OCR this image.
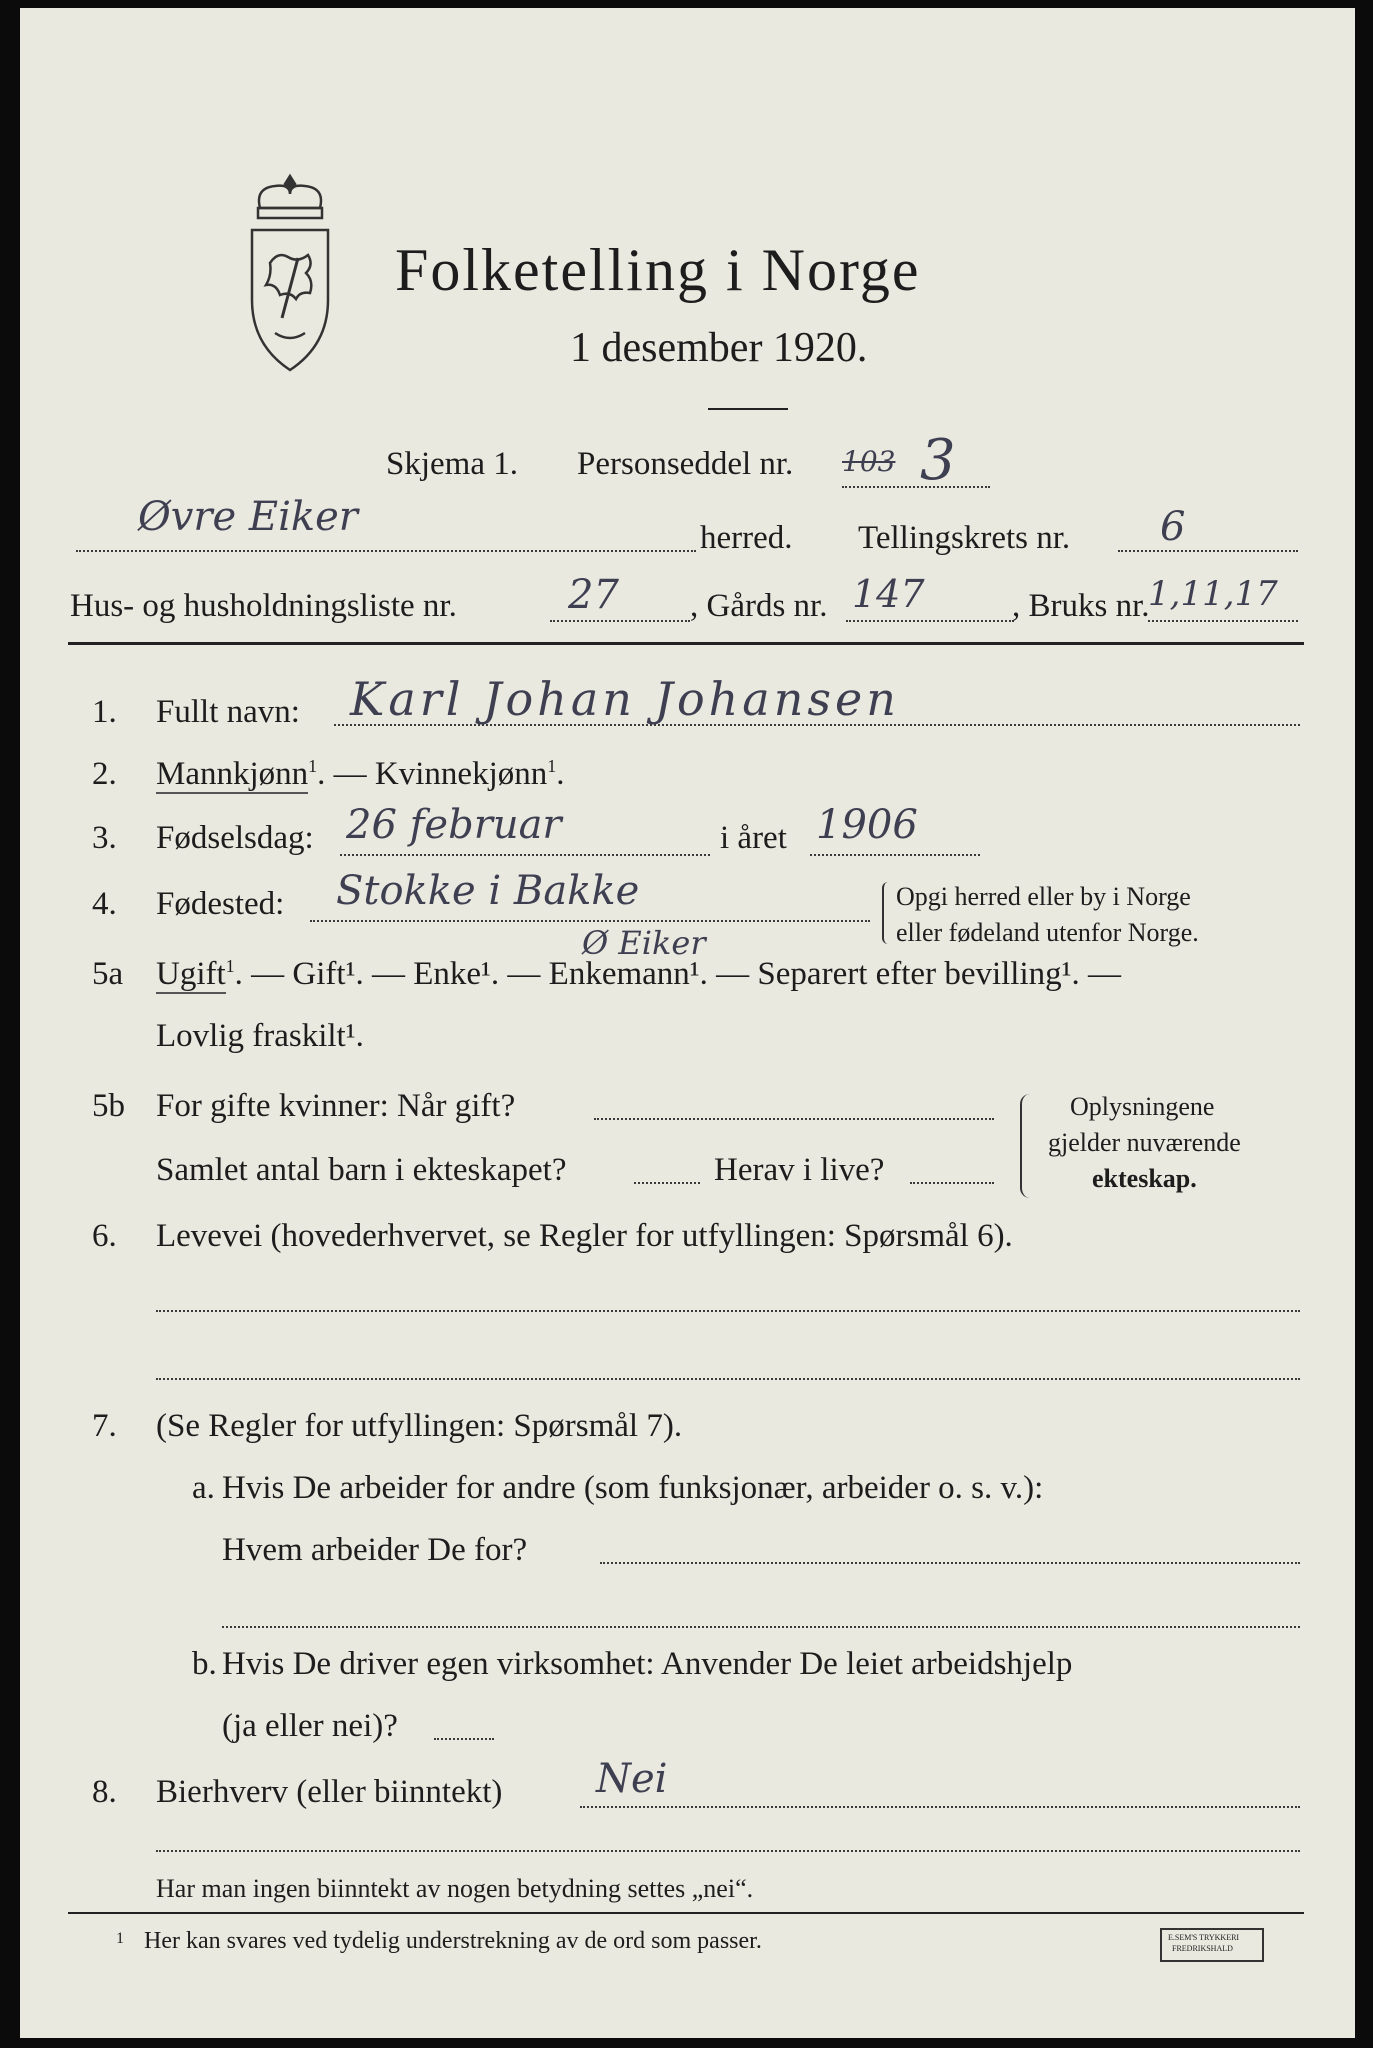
Folketelling i Norge
1 desember 1920.
Skjema 1. Personseddel nr. 103 3
Øvre Eiker	herred. Tellingskrets nr. 6
Hus- og husholdningsliste nr.	27 , Gårds nr. 147	, Bruks nr.
1,11,17
1. Fullt navn: Karl Johan Johansen
2. Mannkjønn$^1$. — Kvinnekjønn$^1$.
3. Fødselsdag: 26 februar	i året 1906
4. Fødested: Stokke i Bakke	Opgi herred eller by i Norge
eller fødeland utenfor Norge.
Ø Eiker
5a Ugift$^1$. — Gift¹. — Enke¹. — Enkemann¹. — Separert efter bevilling¹. —
Lovlig fraskilt¹.
5b For gifte kvinner: Når gift?
Samlet antal barn i ekteskapet?	Herav i live?
Oplysningene
gjelder nuværende
ekteskap.
6. Levevei (hovederhvervet, se Regler for utfyllingen: Spørsmål 6).
7. (Se Regler for utfyllingen: Spørsmål 7).
a. Hvis De arbeider for andre (som funksjonær, arbeider o. s. v.):
Hvem arbeider De for?
b. Hvis De driver egen virksomhet: Anvender De leiet arbeidshjelp
(ja eller nei)?
8. Bierhverv (eller biinntekt) Nei
Har man ingen biinntekt av nogen betydning settes „nei“.
1 Her kan svares ved tydelig understrekning av de ord som passer.	E.SEM'S TRYKKERI
FREDRIKSHALD
